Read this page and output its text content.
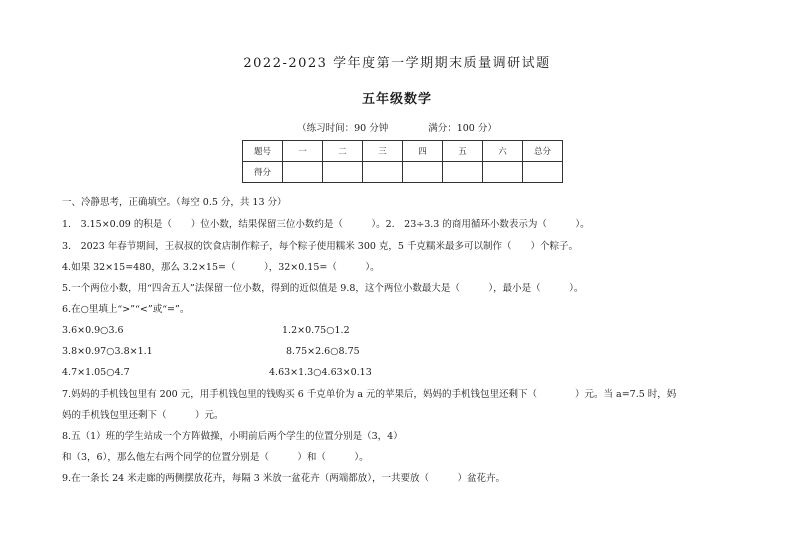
2022-2023 学年度第一学期期末质量调研试题
五年级数学
（练习时间：90 分钟	满分：100 分）
题号	一	二	三	四	五	六	总分
得分							
一、冷静思考，正确填空。（每空 0.5 分，共 13 分）
1.　3.15×0.09 的积是（　　）位小数，结果保留三位小数约是（　　　）。2.　23÷3.3 的商用循环小数表示为（　　　）。
3.　2023 年春节期间，王叔叔的饮食店制作粽子，每个粽子使用糯米 300 克，5 千克糯米最多可以制作（　　）个粽子。
4.如果 32×15=480，那么 3.2×15=（　　　），32×0.15=（　　　）。
5.一个两位小数，用“四舍五人”法保留一位小数，得到的近似值是 9.8，这个两位小数最大是（　　　），最小是（　　　）。
6.在○里填上“>”“<”或“=”。
3.6×0.9○3.6	1.2×0.75○1.2
3.8×0.97○3.8×1.1	8.75×2.6○8.75
4.7×1.05○4.7	4.63×1.3○4.63×0.13
7.妈妈的手机钱包里有 200 元，用手机钱包里的钱购买 6 千克单价为 a 元的苹果后，妈妈的手机钱包里还剩下（　　　　）元。当 a=7.5 时，妈
妈的手机钱包里还剩下（　　　）元。
8.五（1）班的学生站成一个方阵做操，小明前后两个学生的位置分别是（3，4）
和（3，6），那么他左右两个同学的位置分别是（　　　）和（　　　）。
9.在一条长 24 米走廊的两侧摆放花卉，每隔 3 米放一盆花卉（两端都放），一共要放（　　　）盆花卉。
